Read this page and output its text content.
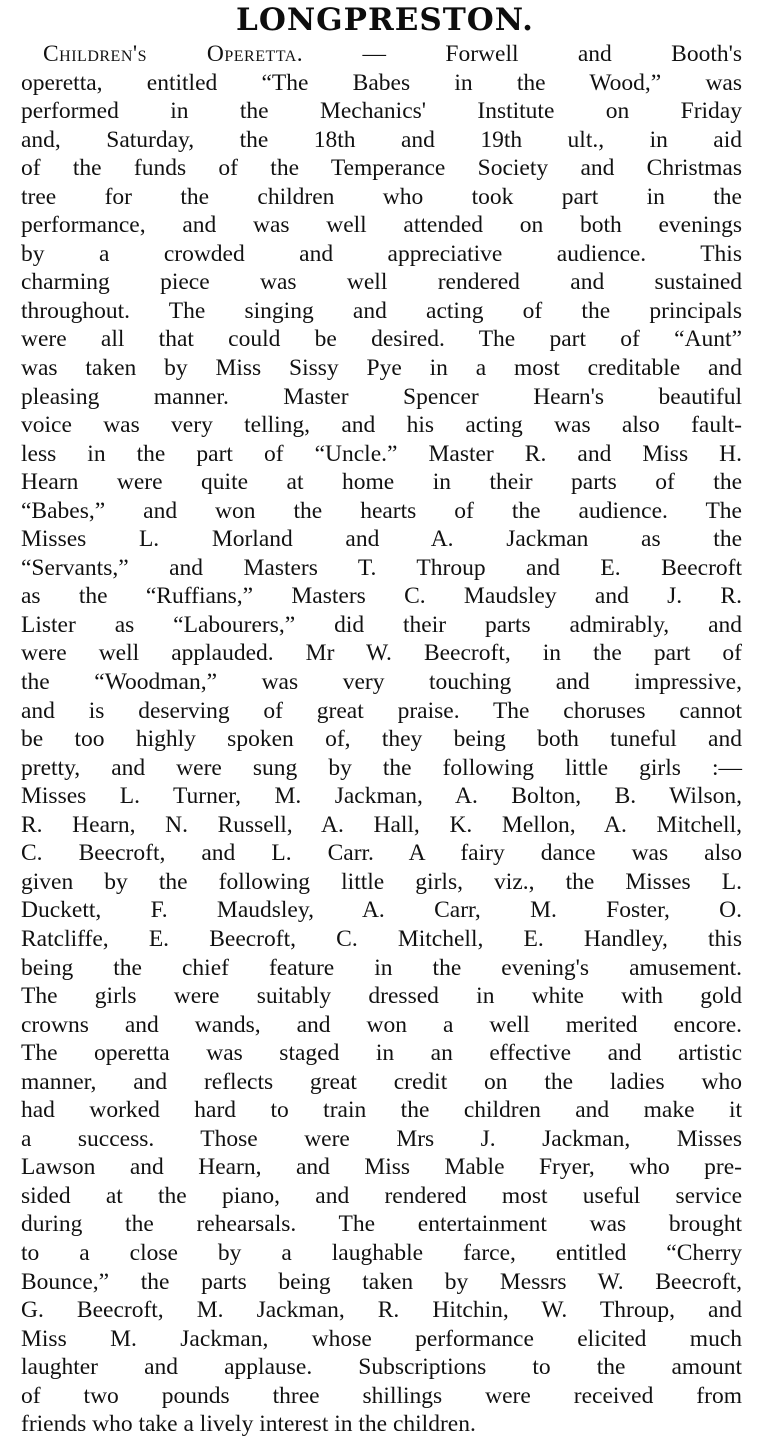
LONGPRESTON.
Children's Operetta.	— Forwell and Booth's
operetta, entitled “The Babes in the Wood,” was
performed in the Mechanics' Institute on Friday
and, Saturday, the 18th and 19th ult., in aid
of the funds of the Temperance Society and Christmas
tree for the children who took part in the
performance, and was well attended on both evenings
by a crowded and appreciative audience. This
charming piece was well rendered and sustained
throughout. The singing and acting of the principals
were all that could be desired. The part of “Aunt”
was taken by Miss Sissy Pye in a most creditable and
pleasing manner. Master Spencer Hearn's beautiful
voice was very telling, and his acting was also fault-
less in the part of “Uncle.” Master R. and Miss H.
Hearn were quite at home in their parts of the
“Babes,” and won the hearts of the audience. The
Misses L. Morland and A. Jackman as the
“Servants,” and Masters T. Throup and E. Beecroft
as the “Ruffians,” Masters C. Maudsley and J. R.
Lister as “Labourers,” did their parts admirably, and
were well applauded. Mr W. Beecroft, in the part of
the “Woodman,” was very touching and impressive,
and is deserving of great praise. The choruses cannot
be too highly spoken of, they being both tuneful and
pretty, and were sung by the following little girls :—
Misses L. Turner, M. Jackman, A. Bolton, B. Wilson,
R. Hearn, N. Russell, A. Hall, K. Mellon, A. Mitchell,
C. Beecroft, and L. Carr. A fairy dance was also
given by the following little girls, viz., the Misses L.
Duckett, F. Maudsley, A. Carr, M. Foster, O.
Ratcliffe, E. Beecroft, C. Mitchell, E. Handley, this
being the chief feature in the evening's amusement.
The girls were suitably dressed in white with gold
crowns and wands, and won a well merited encore.
The operetta was staged in an effective and artistic
manner, and reflects great credit on the ladies who
had worked hard to train the children and make it
a success. Those were Mrs J. Jackman, Misses
Lawson and Hearn, and Miss Mable Fryer, who pre-
sided at the piano, and rendered most useful service
during the rehearsals. The entertainment was brought
to a close by a laughable farce, entitled “Cherry
Bounce,” the parts being taken by Messrs W. Beecroft,
G. Beecroft, M. Jackman, R. Hitchin, W. Throup, and
Miss M. Jackman, whose performance elicited much
laughter and applause. Subscriptions to the amount
of two pounds three shillings were received from
friends who take a lively interest in the children.
